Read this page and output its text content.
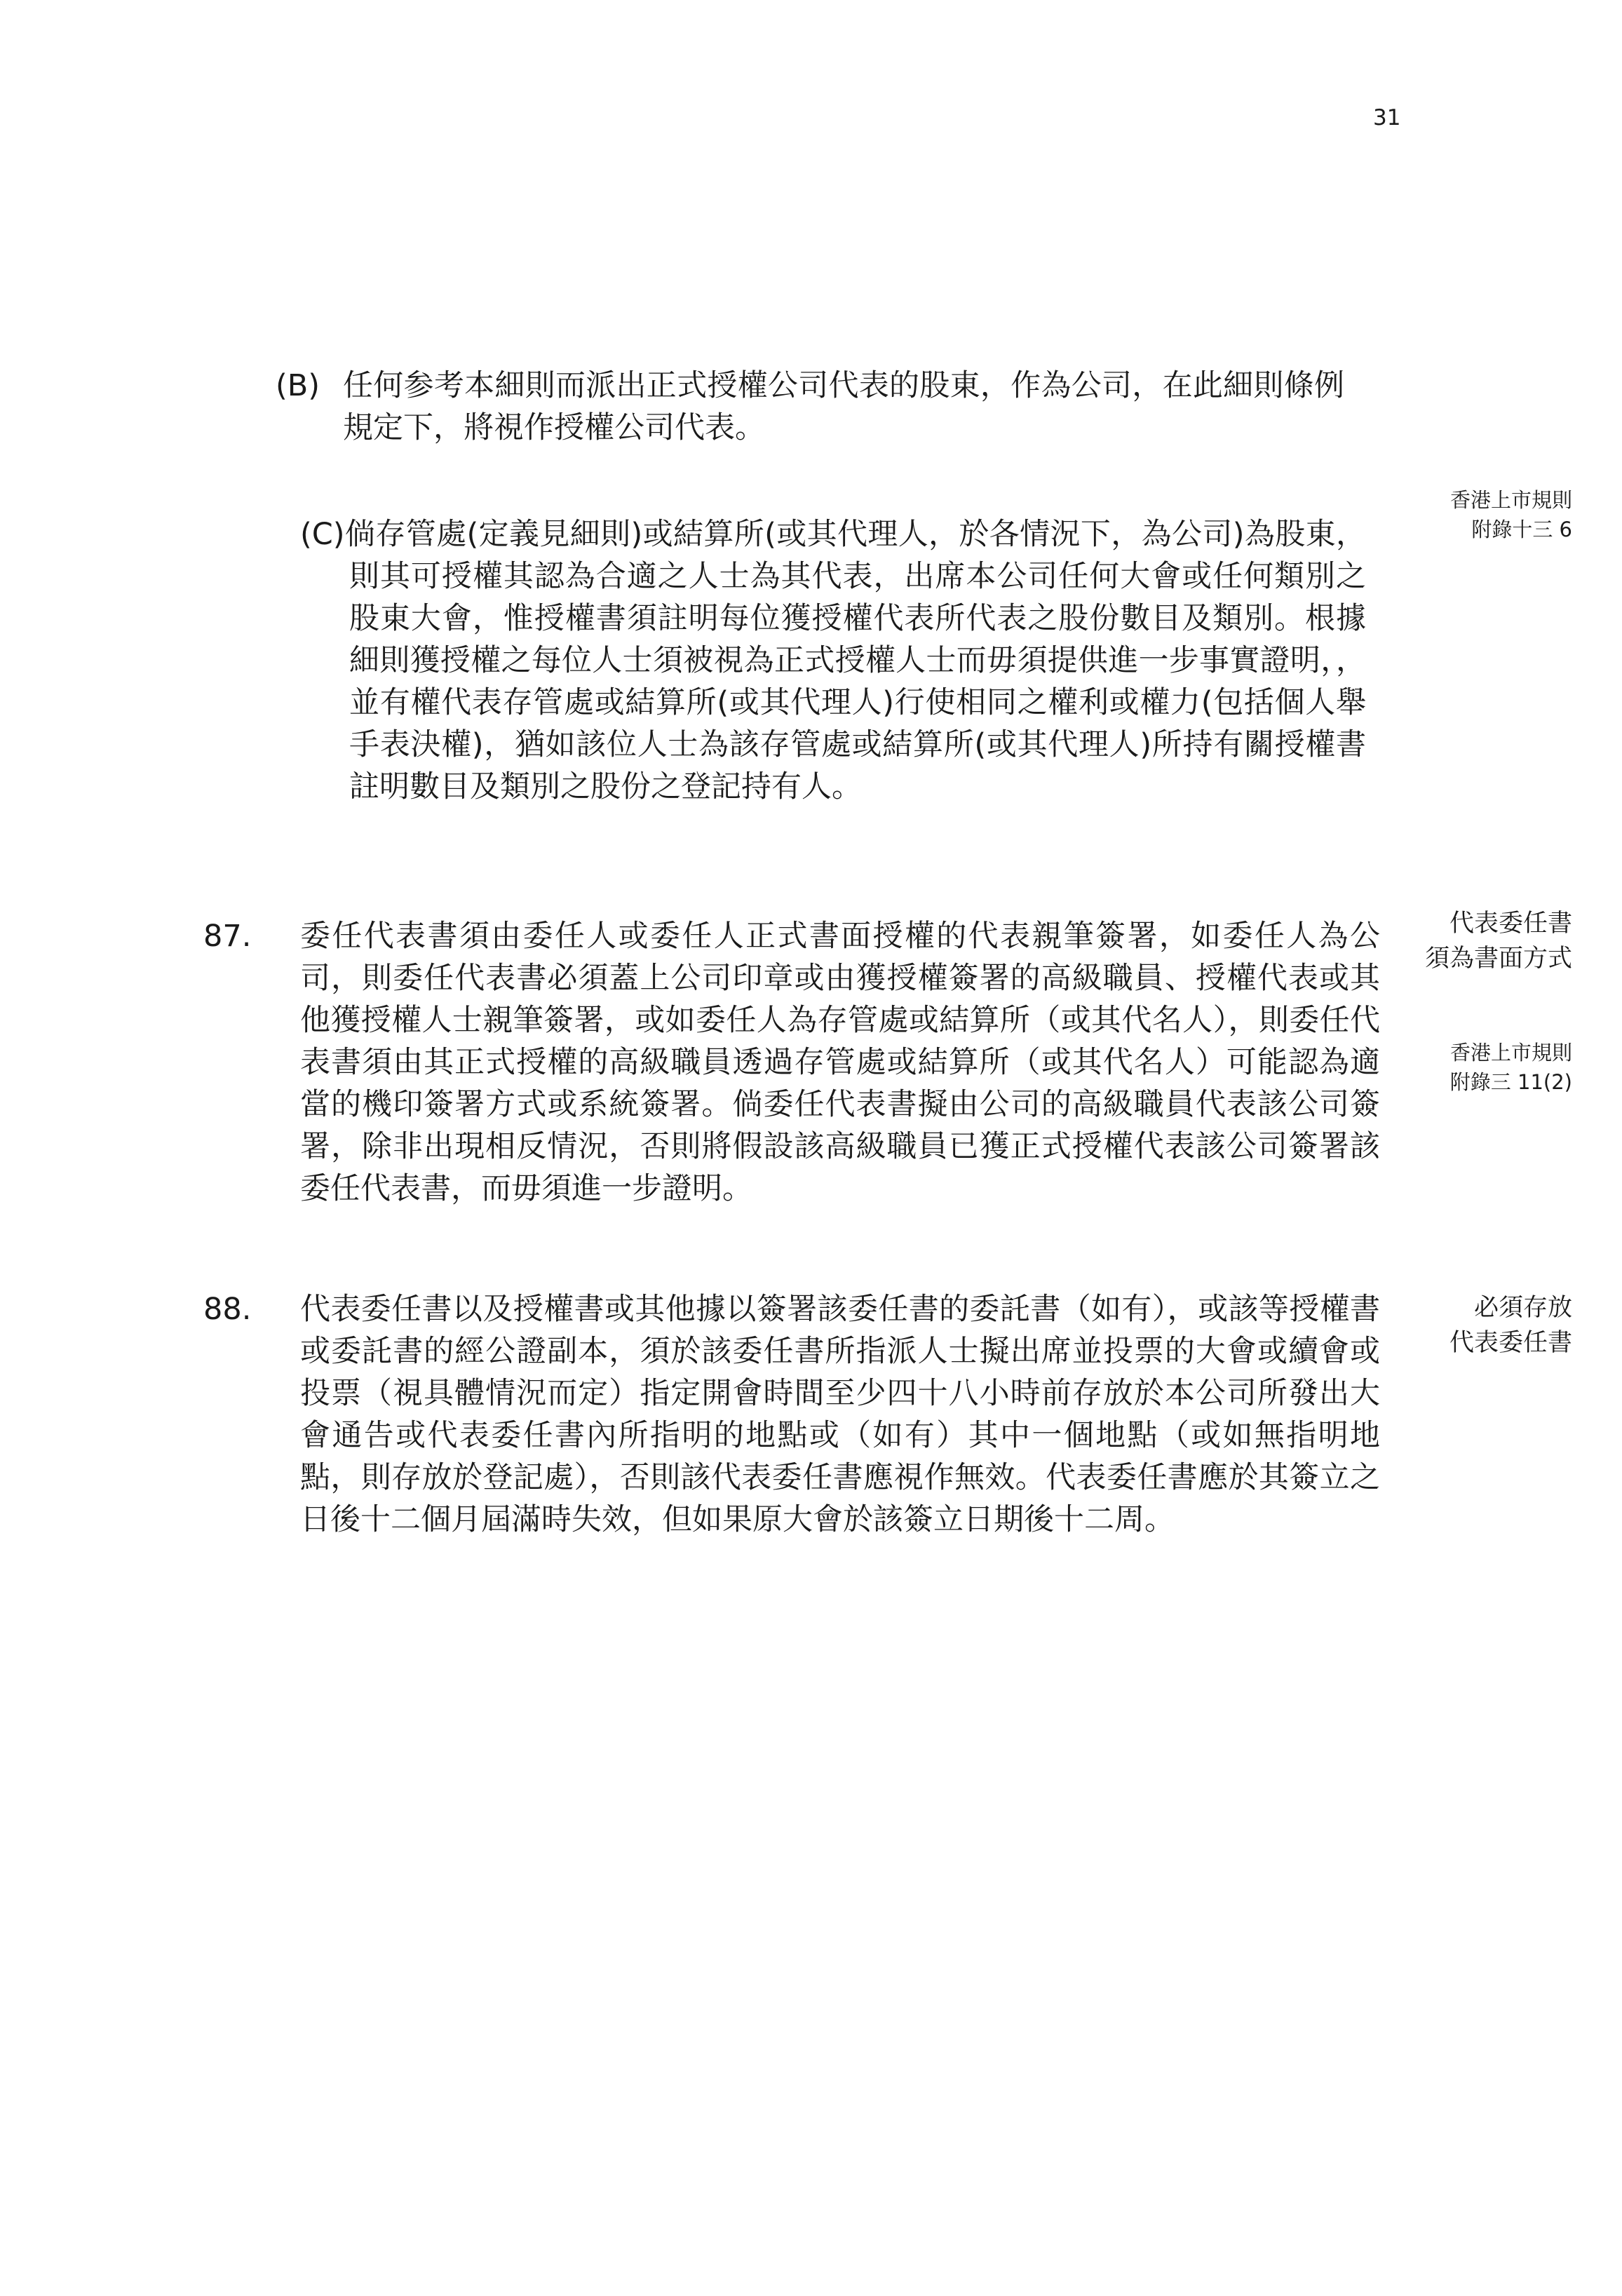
31
(B) 任何参考本細則而派出正式授權公司代表的股東，作為公司，在此細則條例規定下，將視作授權公司代表。
香港上市規則
附錄十三 6
(C) 倘存管處(定義見細則)或結算所(或其代理人，於各情況下，為公司)為股東，則其可授權其認為合適之人士為其代表，出席本公司任何大會或任何類別之股東大會，惟授權書須註明每位獲授權代表所代表之股份數目及類別。根據細則獲授權之每位人士須被視為正式授權人士而毋須提供進一步事實證明，，並有權代表存管處或結算所(或其代理人)行使相同之權利或權力(包括個人舉手表決權)，猶如該位人士為該存管處或結算所(或其代理人)所持有關授權書註明數目及類別之股份之登記持有人。
87. 委任代表書須由委任人或委任人正式書面授權的代表親筆簽署，如委任人為公司，則委任代表書必須蓋上公司印章或由獲授權簽署的高級職員、授權代表或其他獲授權人士親筆簽署，或如委任人為存管處或結算所（或其代名人），則委任代表書須由其正式授權的高級職員透過存管處或結算所（或其代名人）可能認為適當的機印簽署方式或系統簽署。倘委任代表書擬由公司的高級職員代表該公司簽署，除非出現相反情況，否則將假設該高級職員已獲正式授權代表該公司簽署該委任代表書，而毋須進一步證明。
代表委任書
須為書面方式
香港上市規則
附錄三 11(2)
88. 代表委任書以及授權書或其他據以簽署該委任書的委託書（如有），或該等授權書或委託書的經公證副本，須於該委任書所指派人士擬出席並投票的大會或續會或投票（視具體情況而定）指定開會時間至少四十八小時前存放於本公司所發出大會通告或代表委任書內所指明的地點或（如有）其中一個地點（或如無指明地點，則存放於登記處），否則該代表委任書應視作無效。代表委任書應於其簽立之日後十二個月屆滿時失效，但如果原大會於該簽立日期後十二周。
必須存放
代表委任書
